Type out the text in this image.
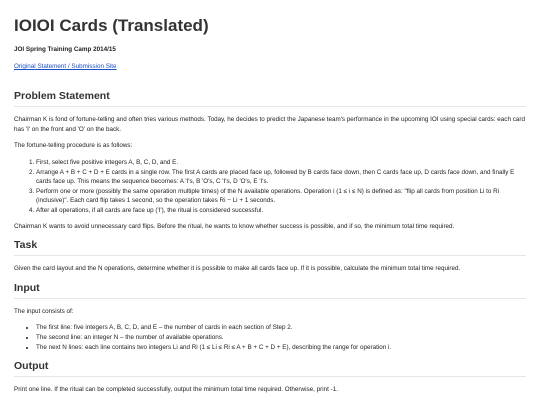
IOIOI Cards (Translated)
JOI Spring Training Camp 2014/15
Original Statement / Submission Site
Problem Statement

Chairman K is fond of fortune-telling and often tries various methods. Today, he decides to predict the Japanese team's performance in the upcoming IOI using special cards: each card has 'I' on the front and 'O' on the back.

The fortune-telling procedure is as follows:

1. First, select five positive integers A, B, C, D, and E.
2. Arrange A + B + C + D + E cards in a single row. The first A cards are placed face up, followed by B cards face down, then C cards face up, D cards face down, and finally E cards face up. This means the sequence becomes: A 'I's, B 'O's, C 'I's, D 'O's, E 'I's.
3. Perform one or more (possibly the same operation multiple times) of the N available operations. Operation i (1 ≤ i ≤ N) is defined as: "flip all cards from position Li to Ri (inclusive)". Each card flip takes 1 second, so the operation takes Ri − Li + 1 seconds.
4. After all operations, if all cards are face up ('I'), the ritual is considered successful.

Chairman K wants to avoid unnecessary card flips. Before the ritual, he wants to know whether success is possible, and if so, the minimum total time required.

Task

Given the card layout and the N operations, determine whether it is possible to make all cards face up. If it is possible, calculate the minimum total time required.

Input

The input consists of:

• The first line: five integers A, B, C, D, and E – the number of cards in each section of Step 2.
• The second line: an integer N – the number of available operations.
• The next N lines: each line contains two integers Li and Ri (1 ≤ Li ≤ Ri ≤ A + B + C + D + E), describing the range for operation i.
Output

Print one line. If the ritual can be completed successfully, output the minimum total time required. Otherwise, print -1.
